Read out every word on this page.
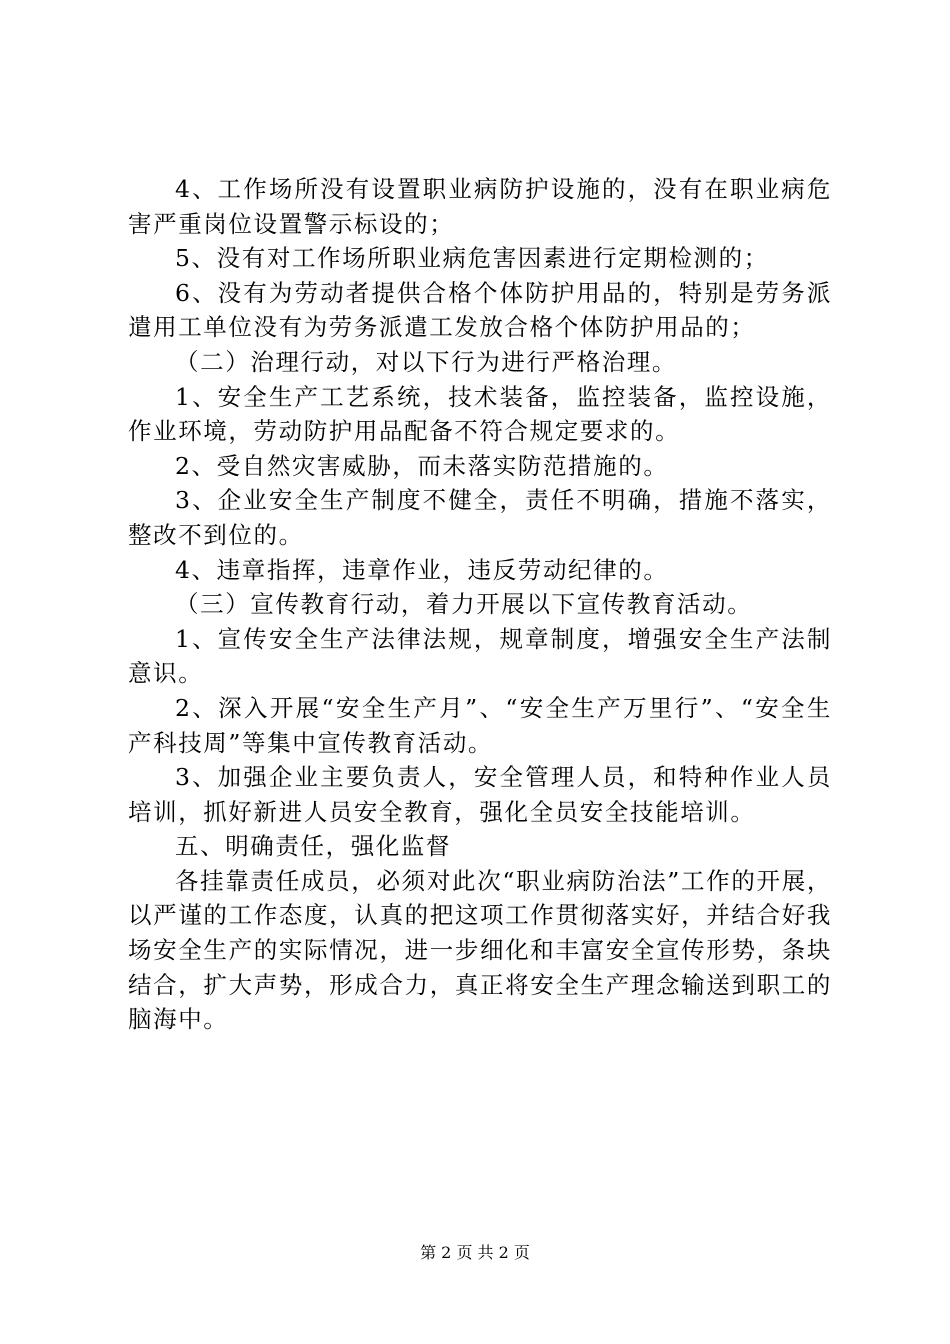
4、工作场所没有设置职业病防护设施的，没有在职业病危害严重岗位设置警示标设的；

5、没有对工作场所职业病危害因素进行定期检测的；

6、没有为劳动者提供合格个体防护用品的，特别是劳务派遣用工单位没有为劳务派遣工发放合格个体防护用品的；

（二）治理行动，对以下行为进行严格治理。

1、安全生产工艺系统，技术装备，监控装备，监控设施，作业环境，劳动防护用品配备不符合规定要求的。

2、受自然灾害威胁，而未落实防范措施的。

3、企业安全生产制度不健全，责任不明确，措施不落实，整改不到位的。

4、违章指挥，违章作业，违反劳动纪律的。

（三）宣传教育行动，着力开展以下宣传教育活动。

1、宣传安全生产法律法规，规章制度，增强安全生产法制意识。

2、深入开展“安全生产月”、“安全生产万里行”、“安全生产科技周”等集中宣传教育活动。

3、加强企业主要负责人，安全管理人员，和特种作业人员培训，抓好新进人员安全教育，强化全员安全技能培训。

五、明确责任，强化监督

各挂靠责任成员，必须对此次“职业病防治法”工作的开展，以严谨的工作态度，认真的把这项工作贯彻落实好，并结合好我场安全生产的实际情况，进一步细化和丰富安全宣传形势，条块结合，扩大声势，形成合力，真正将安全生产理念输送到职工的脑海中。

第 2 页 共 2 页
